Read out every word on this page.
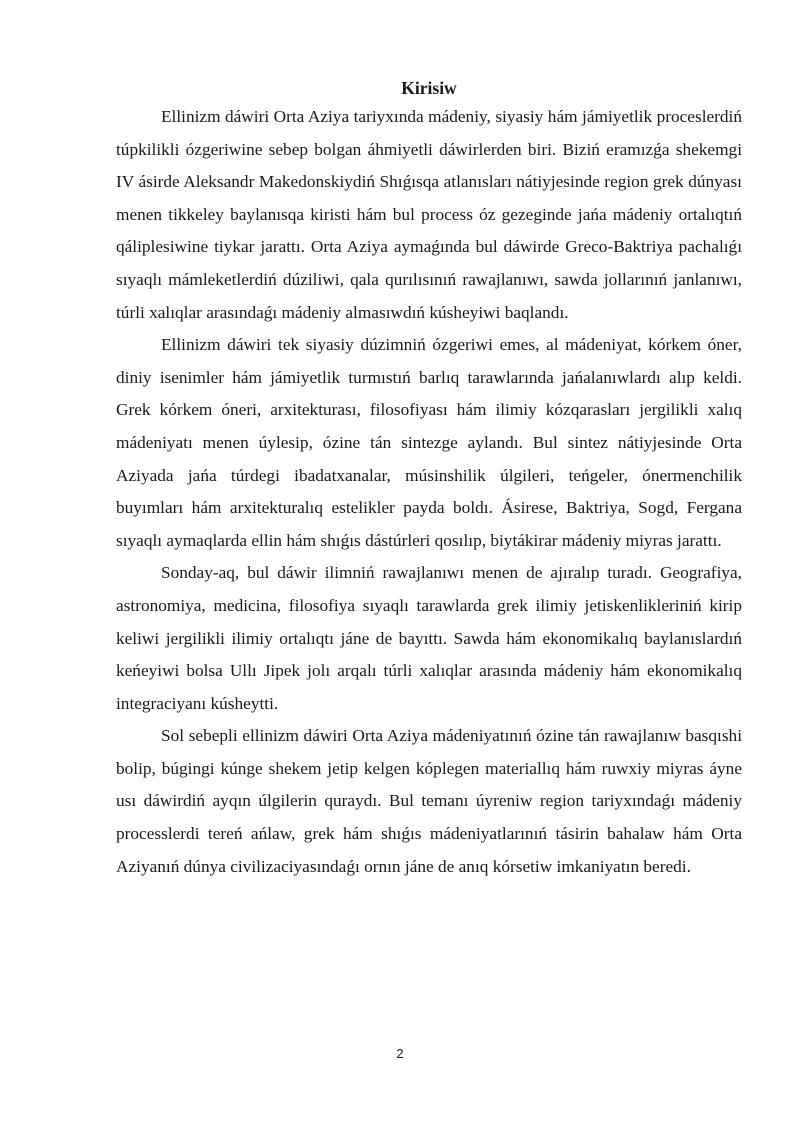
Kirisiw

Ellinizm dáwiri Orta Aziya tariyxında mádeniy, siyasiy hám jámiyetlik proceslerdiń túpkilikli ózgeriwine sebep bolgan áhmiyetli dáwirlerden biri. Biziń eramızǵa shekemgi IV ásirde Aleksandr Makedonskiydiń Shıǵısqa atlanısları nátiyjesinde region grek dúnyası menen tikkeley baylanısqa kiristi hám bul process óz gezeginde jańa mádeniy ortalıqtıń qáliplesiwine tiykar jarattı. Orta Aziya aymaǵında bul dáwirde Greco-Baktriya pachalıǵı sıyaqlı mámleketlerdiń dúziliwi, qala qurılısınıń rawajlanıwı, sawda jollarınıń janlanıwı, túrli xalıqlar arasındaǵı mádeniy almasıwdıń kúsheyiwi baqlandı.

Ellinizm dáwiri tek siyasiy dúzimniń ózgeriwi emes, al mádeniyat, kórkem óner, diniy isenimler hám jámiyetlik turmıstıń barlıq tarawlarında jańalanıwlardı alıp keldi. Grek kórkem óneri, arxitekturası, filosofiyası hám ilimiy kózqarasları jergilikli xalıq mádeniyatı menen úylesip, ózine tán sintezge aylandı. Bul sintez nátiyjesinde Orta Aziyada jańa túrdegi ibadatxanalar, músinshilik úlgileri, teńgeler, ónermenchilik buyımları hám arxitekturalıq estelikler payda boldı. Ásirese, Baktriya, Sogd, Fergana sıyaqlı aymaqlarda ellin hám shıǵıs dástúrleri qosılıp, biytákirar mádeniy miyras jarattı.

Sonday-aq, bul dáwir ilimniń rawajlanıwı menen de ajıralıp turadı. Geografiya, astronomiya, medicina, filosofiya sıyaqlı tarawlarda grek ilimiy jetiskenlikleriniń kirip keliwi jergilikli ilimiy ortalıqtı jáne de bayıttı. Sawda hám ekonomikalıq baylanıslardıń keńeyiwi bolsa Ullı Jipek jolı arqalı túrli xalıqlar arasında mádeniy hám ekonomikalıq integraciyanı kúsheytti.

Sol sebepli ellinizm dáwiri Orta Aziya mádeniyatınıń ózine tán rawajlanıw basqıshi bolip, búgingi kúnge shekem jetip kelgen kóplegen materiallıq hám ruwxiy miyras áyne usı dáwirdiń ayqın úlgilerin quraydı. Bul temanı úyreniw region tariyxındaǵı mádeniy processlerdi tereń ańlaw, grek hám shıǵıs mádeniyatlarınıń tásirin bahalaw hám Orta Aziyanıń dúnya civilizaciyasındaǵı ornın jáne de anıq kórsetiw imkaniyatın beredi.

2
